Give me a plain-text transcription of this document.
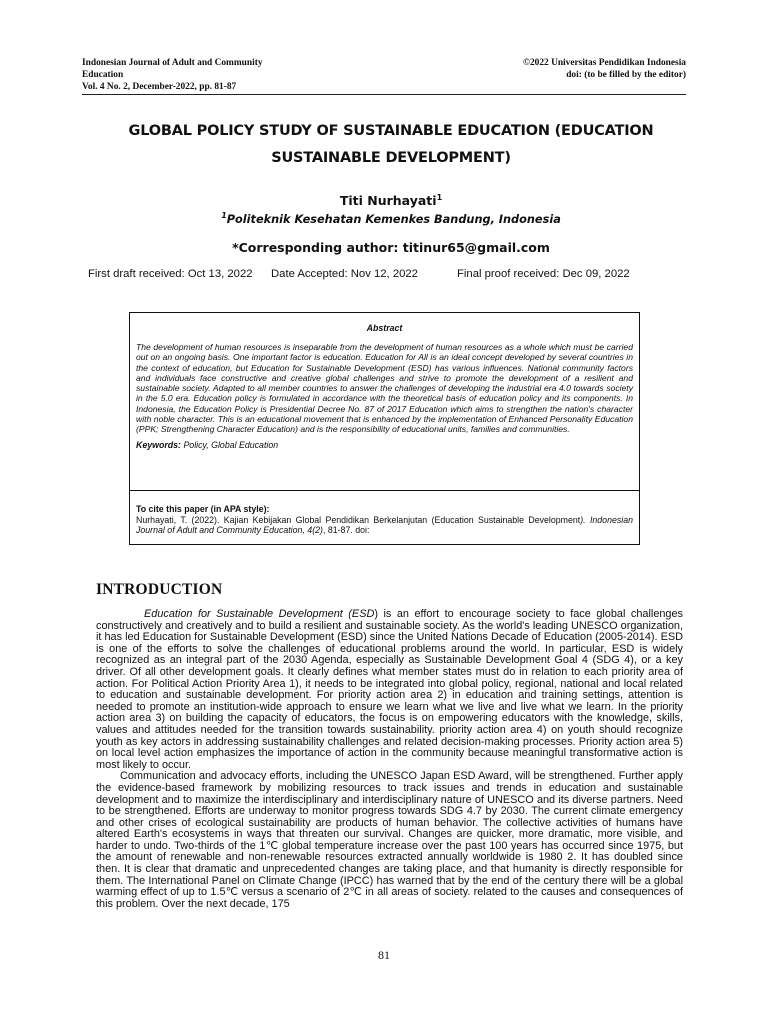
Indonesian Journal of Adult and Community
Education
Vol. 4 No. 2, December-2022, pp. 81-87
©2022 Universitas Pendidikan Indonesia
doi: (to be filled by the editor)
GLOBAL POLICY STUDY OF SUSTAINABLE EDUCATION (EDUCATION
SUSTAINABLE DEVELOPMENT)
Titi Nurhayati$^1$
$^1$Politeknik Kesehatan Kemenkes Bandung, Indonesia
*Corresponding author: titinur65@gmail.com
First draft received: Oct 13, 2022 Date Accepted: Nov 12, 2022	Final proof received: Dec 09, 2022
Abstract

The development of human resources is inseparable from the development of human resources as a whole which must be carried out on an ongoing basis. One important factor is education. Education for All is an ideal concept developed by several countries in the context of education, but Education for Sustainable Development (ESD) has various influences. National community factors and individuals face constructive and creative global challenges and strive to promote the development of a resilient and sustainable society. Adapted to all member countries to answer the challenges of developing the industrial era 4.0 towards society in the 5.0 era. Education policy is formulated in accordance with the theoretical basis of education policy and its components. In Indonesia, the Education Policy is Presidential Decree No. 87 of 2017 Education which aims to strengthen the nation's character with noble character. This is an educational movement that is enhanced by the implementation of Enhanced Personality Education (PPK; Strengthening Character Education) and is the responsibility of educational units, families and communities.

Keywords: Policy, Global Education
To cite this paper (in APA style):

Nurhayati, T. (2022). Kajian Kebijakan Global Pendidikan Berkelanjutan (Education Sustainable Development). Indonesian Journal of Adult and Community Education, 4(2), 81-87. doi:

INTRODUCTION

Education for Sustainable Development (ESD) is an effort to encourage society to face global challenges constructively and creatively and to build a resilient and sustainable society. As the world's leading UNESCO organization, it has led Education for Sustainable Development (ESD) since the United Nations Decade of Education (2005-2014). ESD is one of the efforts to solve the challenges of educational problems around the world. In particular, ESD is widely recognized as an integral part of the 2030 Agenda, especially as Sustainable Development Goal 4 (SDG 4), or a key driver. Of all other development goals. It clearly defines what member states must do in relation to each priority area of action. For Political Action Priority Area 1), it needs to be integrated into global policy, regional, national and local related to education and sustainable development. For priority action area 2) in education and training settings, attention is needed to promote an institution-wide approach to ensure we learn what we live and live what we learn. In the priority action area 3) on building the capacity of educators, the focus is on empowering educators with the knowledge, skills, values and attitudes needed for the transition towards sustainability. priority action area 4) on youth should recognize youth as key actors in addressing sustainability challenges and related decision-making processes. Priority action area 5) on local level action emphasizes the importance of action in the community because meaningful transformative action is most likely to occur.

Communication and advocacy efforts, including the UNESCO Japan ESD Award, will be strengthened. Further apply the evidence-based framework by mobilizing resources to track issues and trends in education and sustainable development and to maximize the interdisciplinary and interdisciplinary nature of UNESCO and its diverse partners. Need to be strengthened. Efforts are underway to monitor progress towards SDG 4.7 by 2030. The current climate emergency and other crises of ecological sustainability are products of human behavior. The collective activities of humans have altered Earth's ecosystems in ways that threaten our survival. Changes are quicker, more dramatic, more visible, and harder to undo. Two-thirds of the 1℃ global temperature increase over the past 100 years has occurred since 1975, but the amount of renewable and non-renewable resources extracted annually worldwide is 1980 2. It has doubled since then. It is clear that dramatic and unprecedented changes are taking place, and that humanity is directly responsible for them. The International Panel on Climate Change (IPCC) has warned that by the end of the century there will be a global warming effect of up to 1.5℃ versus a scenario of 2℃ in all areas of society. related to the causes and consequences of this problem. Over the next decade, 175

81
